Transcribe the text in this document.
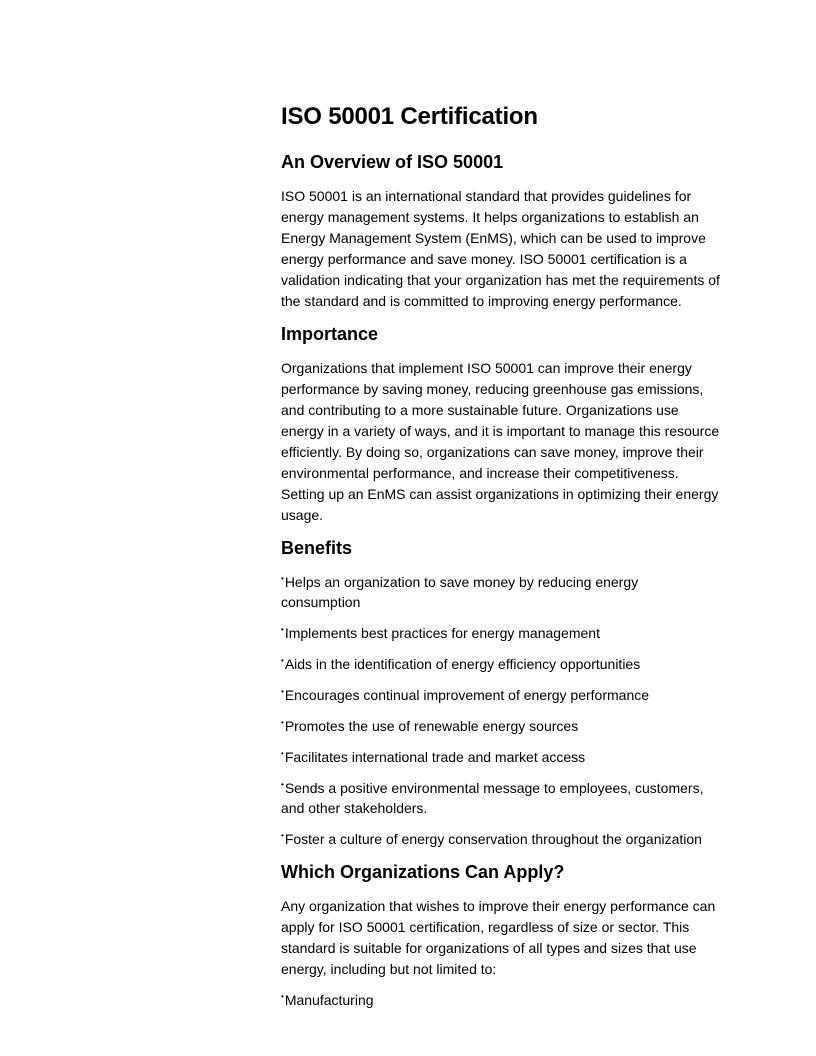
ISO 50001 Certification
An Overview of ISO 50001

ISO 50001 is an international standard that provides guidelines for energy management systems. It helps organizations to establish an Energy Management System (EnMS), which can be used to improve energy performance and save money. ISO 50001 certification is a validation indicating that your organization has met the requirements of the standard and is committed to improving energy performance.

Importance

Organizations that implement ISO 50001 can improve their energy performance by saving money, reducing greenhouse gas emissions, and contributing to a more sustainable future. Organizations use energy in a variety of ways, and it is important to manage this resource efficiently. By doing so, organizations can save money, improve their environmental performance, and increase their competitiveness. Setting up an EnMS can assist organizations in optimizing their energy usage.

Benefits
•Helps an organization to save money by reducing energy consumption
•Implements best practices for energy management
•Aids in the identification of energy efficiency opportunities
•Encourages continual improvement of energy performance
•Promotes the use of renewable energy sources
•Facilitates international trade and market access
•Sends a positive environmental message to employees, customers, and other stakeholders.
•Foster a culture of energy conservation throughout the organization
Which Organizations Can Apply?

Any organization that wishes to improve their energy performance can apply for ISO 50001 certification, regardless of size or sector. This standard is suitable for organizations of all types and sizes that use energy, including but not limited to:

•Manufacturing
